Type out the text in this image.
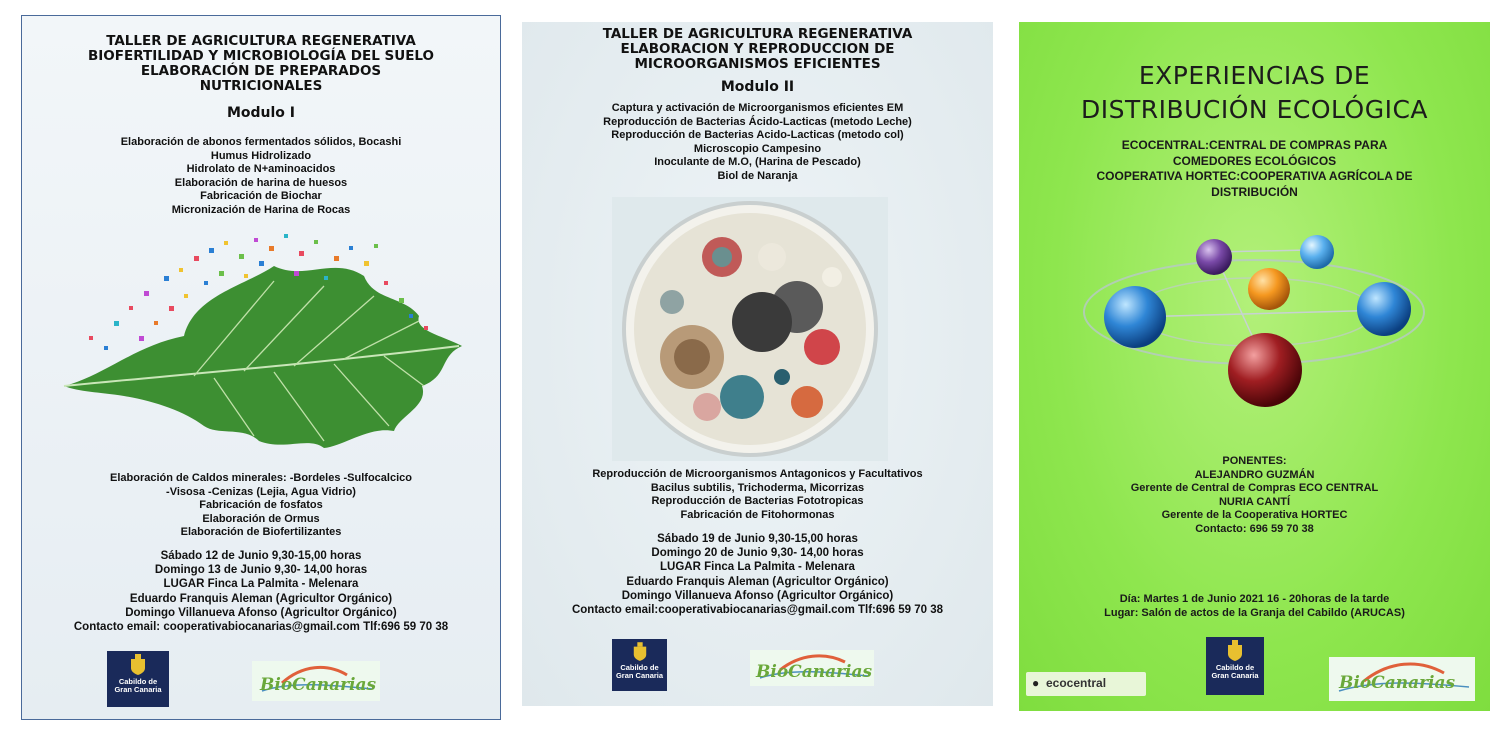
TALLER DE AGRICULTURA REGENERATIVA
BIOFERTILIDAD Y MICROBIOLOGÍA DEL SUELO
ELABORACIÓN DE PREPARADOS
NUTRICIONALES
Modulo I
Elaboración de abonos fermentados sólidos, Bocashi
Humus Hidrolizado
Hidrolato de N+aminoacidos
Elaboración de harina de huesos
Fabricación de Biochar
Micronización de Harina de Rocas
Elaboración de Caldos minerales: -Bordeles -Sulfocalcico
-Visosa -Cenizas (Lejia, Agua Vidrio)
Fabricación de fosfatos
Elaboración de Ormus
Elaboración de Biofertilizantes
Sábado 12 de Junio 9,30-15,00 horas
Domingo 13 de Junio 9,30- 14,00 horas
LUGAR Finca La Palmita - Melenara
Eduardo Franquis Aleman (Agricultor Orgánico)
Domingo Villanueva Afonso (Agricultor Orgánico)
Contacto email: cooperativabiocanarias@gmail.com Tlf:696 59 70 38
Cabildo de
Gran Canaria	BioCanarias
TALLER DE AGRICULTURA REGENERATIVA
ELABORACION Y REPRODUCCION DE
MICROORGANISMOS EFICIENTES
Modulo II
Captura y activación de Microorganismos eficientes EM
Reproducción de Bacterias Ácido-Lacticas (metodo Leche)
Reproducción de Bacterias Acido-Lacticas (metodo col)
Microscopio Campesino
Inoculante de M.O, (Harina de Pescado)
Biol de Naranja
Reproducción de Microorganismos Antagonicos y Facultativos
Bacilus subtilis, Trichoderma, Micorrizas
Reproducción de Bacterias Fototropicas
Fabricación de Fitohormonas
Sábado 19 de Junio 9,30-15,00 horas
Domingo 20 de Junio 9,30- 14,00 horas
LUGAR Finca La Palmita - Melenara
Eduardo Franquis Aleman (Agricultor Orgánico)
Domingo Villanueva Afonso (Agricultor Orgánico)
Contacto email:cooperativabiocanarias@gmail.com Tlf:696 59 70 38
Cabildo de
Gran Canaria	BioCanarias
EXPERIENCIAS DE
DISTRIBUCIÓN ECOLÓGICA
ECOCENTRAL:CENTRAL DE COMPRAS PARA
COMEDORES ECOLÓGICOS
COOPERATIVA HORTEC:COOPERATIVA AGRÍCOLA DE
DISTRIBUCIÓN
PONENTES:
ALEJANDRO GUZMÁN
Gerente de Central de Compras ECO CENTRAL
NURIA CANTÍ
Gerente de la Cooperativa HORTEC
Contacto: 696 59 70 38
Día: Martes 1 de Junio 2021 16 - 20horas de la tarde
Lugar: Salón de actos de la Granja del Cabildo (ARUCAS)
● ecocentral
Cabildo de
Gran Canaria	BioCanarias
